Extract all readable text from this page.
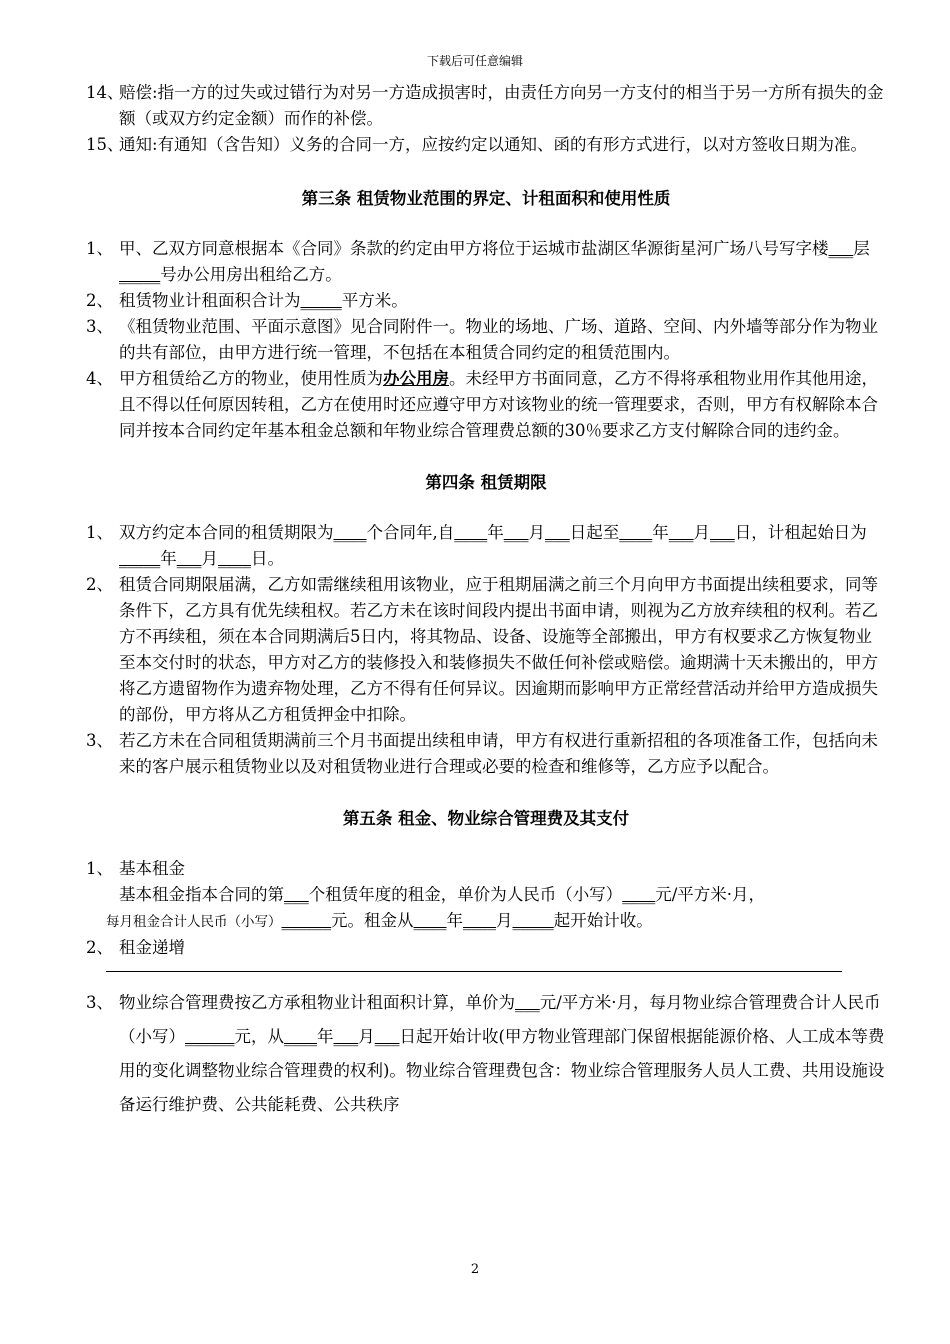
下载后可任意编辑
14、
赔偿:指一方的过失或过错行为对另一方造成损害时，由责任方向另一方支付的相当于另一方所有损失的金额（或双方约定金额）而作的补偿。
15、
通知:有通知（含告知）义务的合同一方，应按约定以通知、函的有形方式进行，以对方签收日期为准。
第三条 租赁物业范围的界定、计租面积和使用性质
1、 甲、乙双方同意根据本《合同》条款的约定由甲方将位于运城市盐湖区华源街星河广场八号写字楼___层_____号办公用房出租给乙方。
2、 租赁物业计租面积合计为_____平方米。
3、 《租赁物业范围、平面示意图》见合同附件一。物业的场地、广场、道路、空间、内外墙等部分作为物业的共有部位，由甲方进行统一管理，不包括在本租赁合同约定的租赁范围内。
4、 甲方租赁给乙方的物业，使用性质为办公用房。未经甲方书面同意，乙方不得将承租物业用作其他用途，且不得以任何原因转租，乙方在使用时还应遵守甲方对该物业的统一管理要求，否则，甲方有权解除本合同并按本合同约定年基本租金总额和年物业综合管理费总额的30％要求乙方支付解除合同的违约金。
第四条 租赁期限
1、 双方约定本合同的租赁期限为____个合同年,自____年___月___日起至____年___月___日，计租起始日为_____年___月____日。
2、 租赁合同期限届满，乙方如需继续租用该物业，应于租期届满之前三个月向甲方书面提出续租要求，同等条件下，乙方具有优先续租权。若乙方未在该时间段内提出书面申请，则视为乙方放弃续租的权利。若乙方不再续租，须在本合同期满后5日内，将其物品、设备、设施等全部搬出，甲方有权要求乙方恢复物业至本交付时的状态，甲方对乙方的装修投入和装修损失不做任何补偿或赔偿。逾期满十天未搬出的，甲方将乙方遗留物作为遗弃物处理，乙方不得有任何异议。因逾期而影响甲方正常经营活动并给甲方造成损失的部份，甲方将从乙方租赁押金中扣除。
3、 若乙方未在合同租赁期满前三个月书面提出续租申请，甲方有权进行重新招租的各项准备工作，包括向未来的客户展示租赁物业以及对租赁物业进行合理或必要的检查和维修等，乙方应予以配合。
第五条 租金、物业综合管理费及其支付
1、 基本租金
基本租金指本合同的第___个租赁年度的租金，单价为人民币（小写）____元/平方米·月，
每月租金合计人民币（小写）______元。租金从____年____月_____起开始计收。
2、 租金递增
3、 物业综合管理费按乙方承租物业计租面积计算，单价为___元/平方米·月，每月物业综合管理费合计人民币（小写）______元，从____年___月___日起开始计收(甲方物业管理部门保留根据能源价格、人工成本等费用的变化调整物业综合管理费的权利)。物业综合管理费包含：物业综合管理服务人员人工费、共用设施设备运行维护费、公共能耗费、公共秩序
2
